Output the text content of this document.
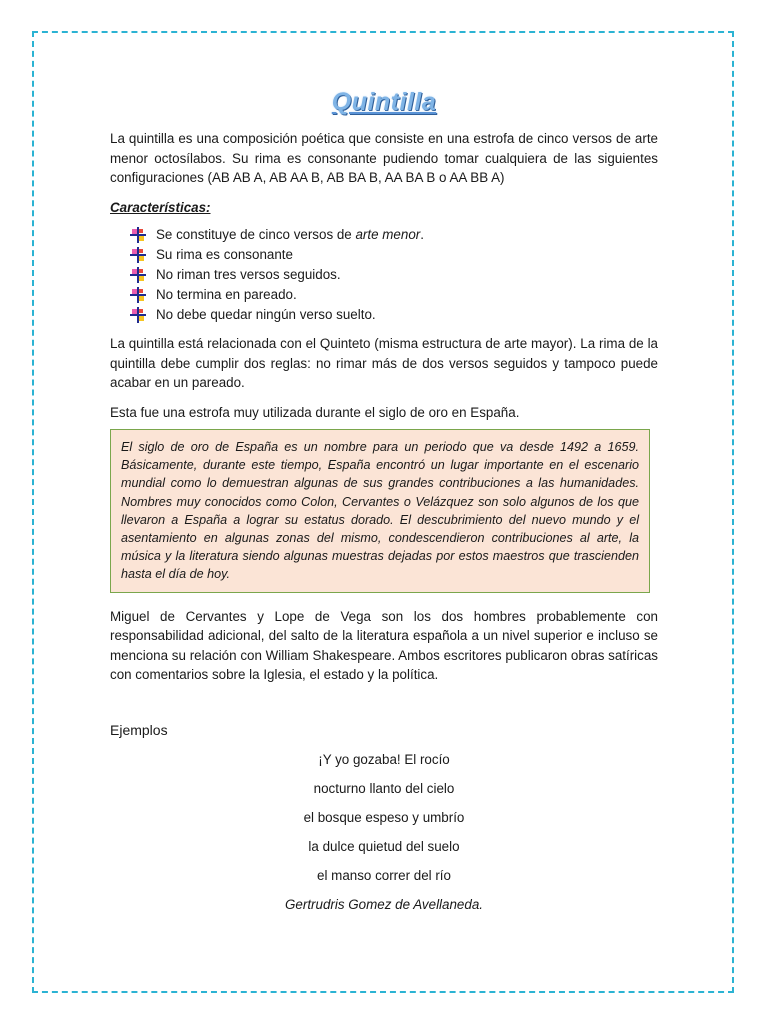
Quintilla

La quintilla es una composición poética que consiste en una estrofa de cinco versos de arte menor octosílabos. Su rima es consonante pudiendo tomar cualquiera de las siguientes configuraciones (AB AB A, AB AA B, AB BA B, AA BA B o AA BB A)

Características:
Se constituye de cinco versos de arte menor.
Su rima es consonante
No riman tres versos seguidos.
No termina en pareado.
No debe quedar ningún verso suelto.

La quintilla está relacionada con el Quinteto (misma estructura de arte mayor). La rima de la quintilla debe cumplir dos reglas: no rimar más de dos versos seguidos y tampoco puede acabar en un pareado.

Esta fue una estrofa muy utilizada durante el siglo de oro en España.

El siglo de oro de España es un nombre para un periodo que va desde 1492 a 1659. Básicamente, durante este tiempo, España encontró un lugar importante en el escenario mundial como lo demuestran algunas de sus grandes contribuciones a las humanidades. Nombres muy conocidos como Colon, Cervantes o Velázquez son solo algunos de los que llevaron a España a lograr su estatus dorado. El descubrimiento del nuevo mundo y el asentamiento en algunas zonas del mismo, condescendieron contribuciones al arte, la música y la literatura siendo algunas muestras dejadas por estos maestros que trascienden hasta el día de hoy.

Miguel de Cervantes y Lope de Vega son los dos hombres probablemente con responsabilidad adicional, del salto de la literatura española a un nivel superior e incluso se menciona su relación con William Shakespeare. Ambos escritores publicaron obras satíricas con comentarios sobre la Iglesia, el estado y la política.

Ejemplos
¡Y yo gozaba! El rocío
nocturno llanto del cielo
el bosque espeso y umbrío
la dulce quietud del suelo
el manso correr del río
Gertrudris Gomez de Avellaneda.
